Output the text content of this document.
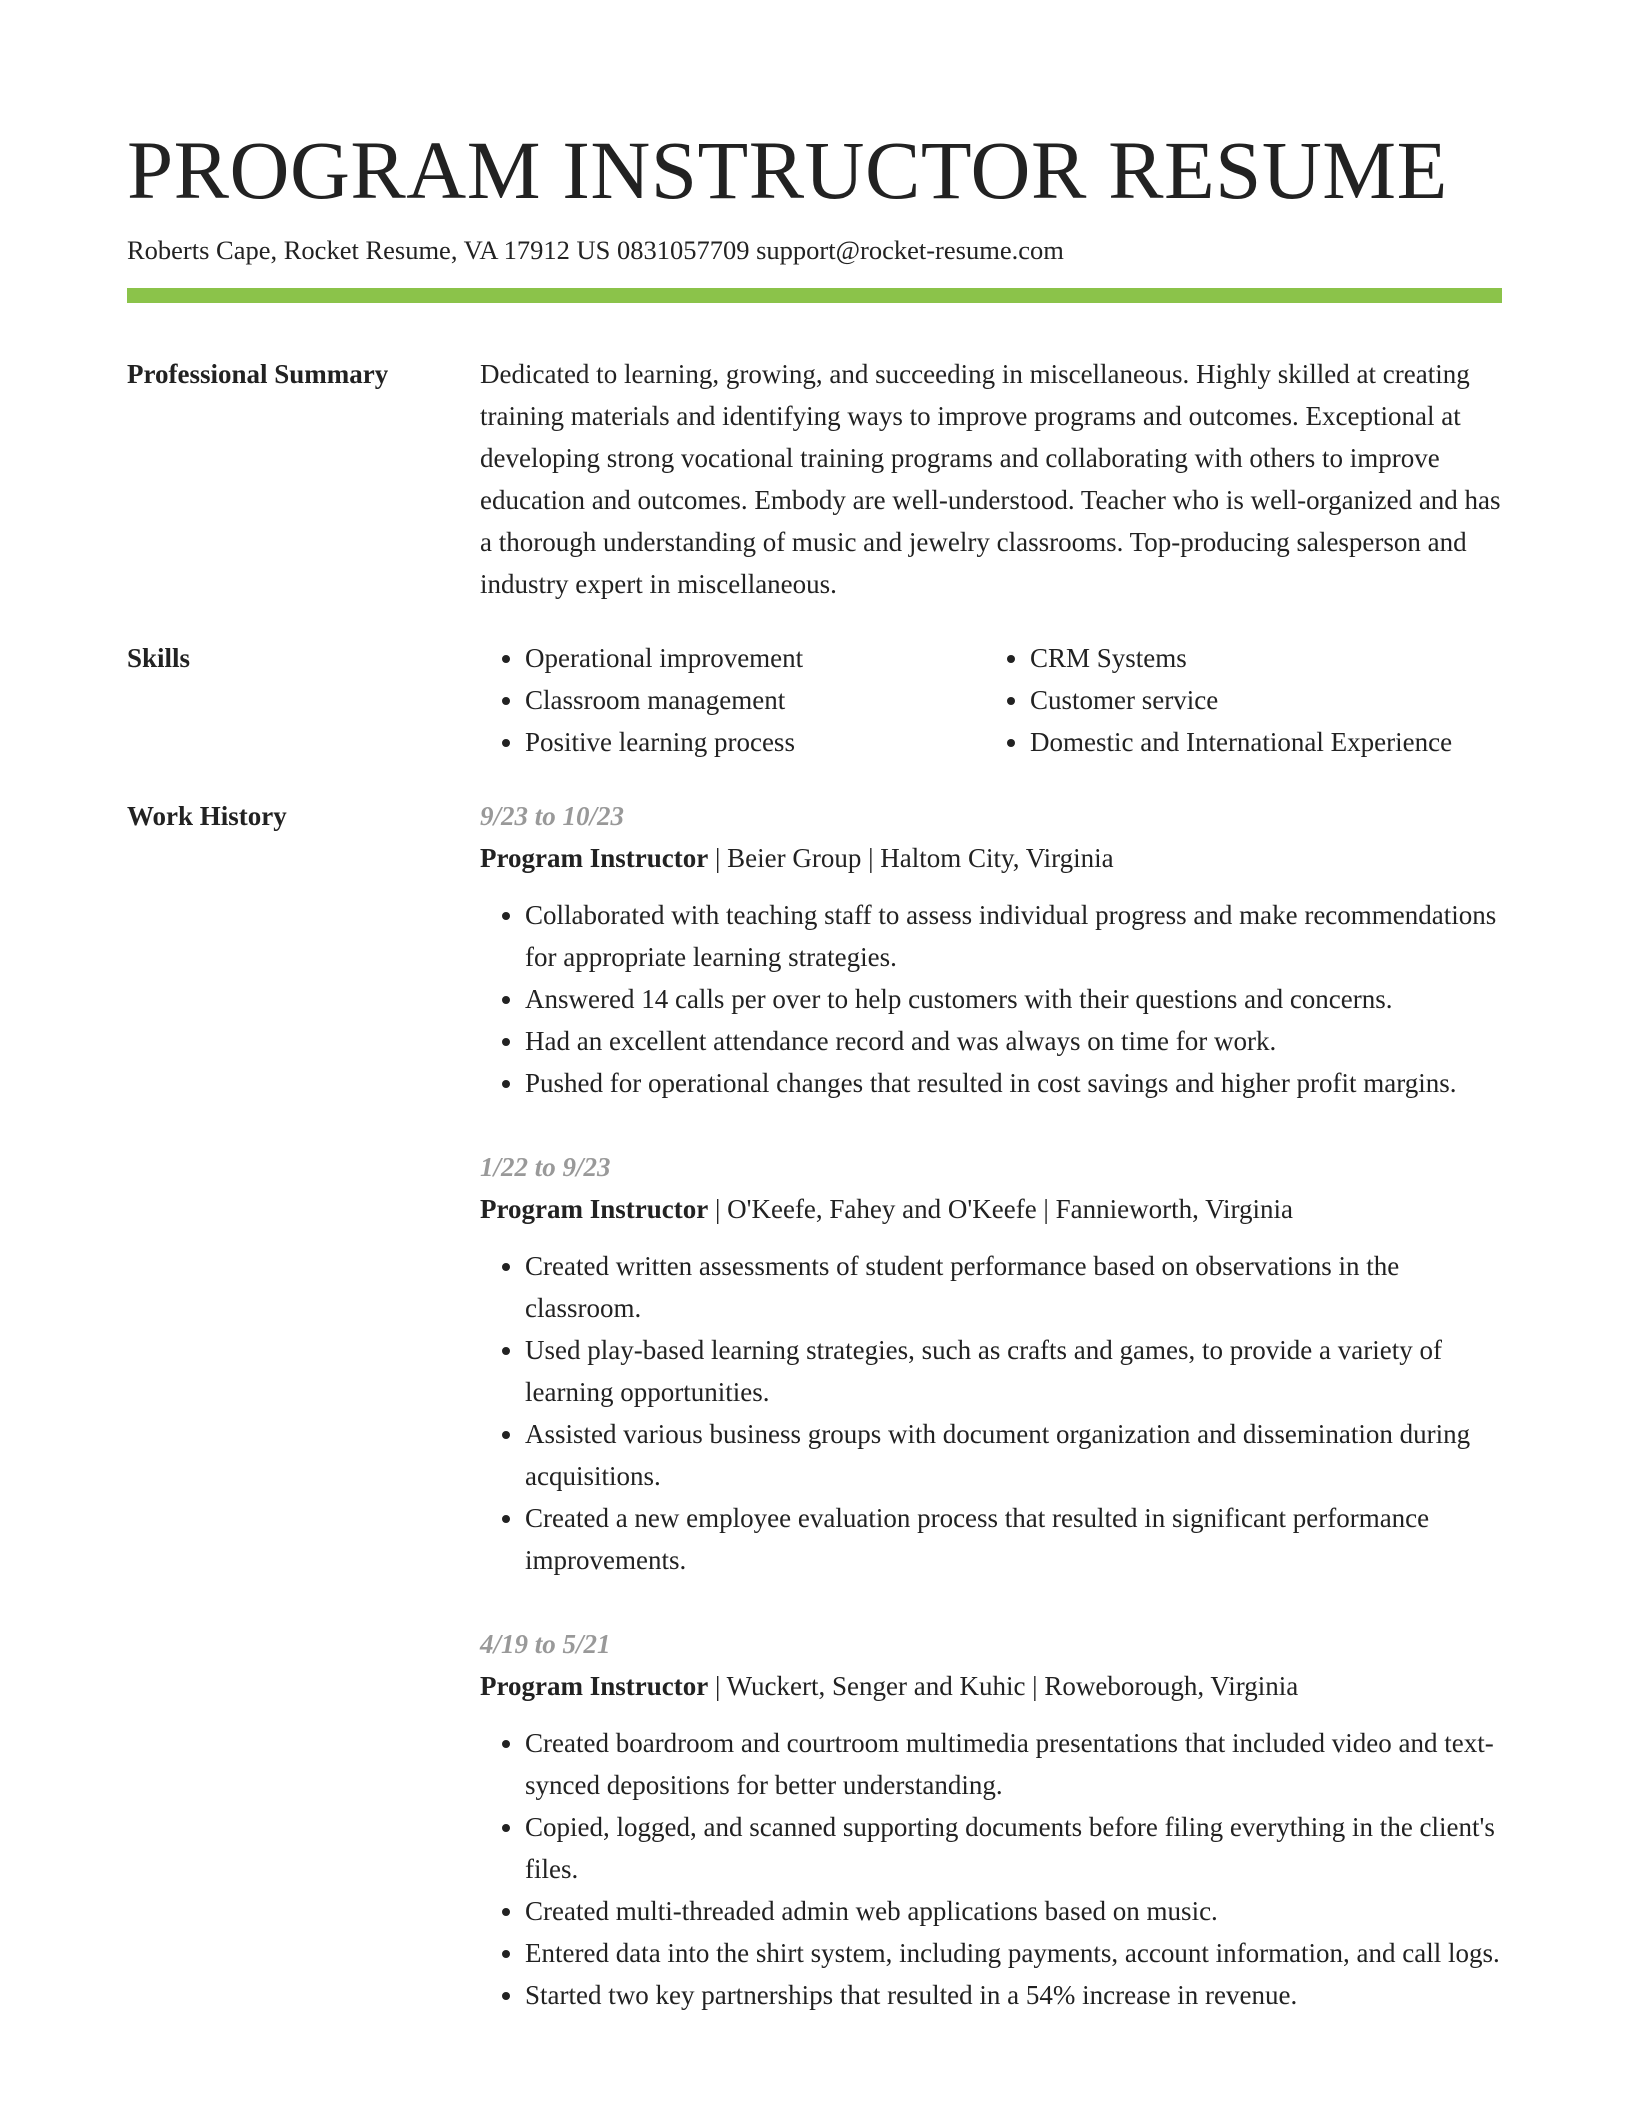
PROGRAM INSTRUCTOR RESUME
Roberts Cape, Rocket Resume, VA 17912 US 0831057709 support@rocket-resume.com
Professional Summary	Dedicated to learning, growing, and succeeding in miscellaneous. Highly skilled at creating training materials and identifying ways to improve programs and outcomes. Exceptional at developing strong vocational training programs and collaborating with others to improve education and outcomes. Embody are well-understood. Teacher who is well-organized and has a thorough understanding of music and jewelry classrooms. Top-producing salesperson and industry expert in miscellaneous.

Skills
•	Operational improvement
• Classroom management
• Positive learning process
• CRM Systems
• Customer service
• Domestic and International Experience
Work History	9/23 to 10/23
Program Instructor | Beier Group | Haltom City, Virginia
• Collaborated with teaching staff to assess individual progress and make recommendations for appropriate learning strategies.
• Answered 14 calls per over to help customers with their questions and concerns.
• Had an excellent attendance record and was always on time for work.
• Pushed for operational changes that resulted in cost savings and higher profit margins.
1/22 to 9/23
Program Instructor | O'Keefe, Fahey and O'Keefe | Fannieworth, Virginia
• Created written assessments of student performance based on observations in the classroom.
• Used play-based learning strategies, such as crafts and games, to provide a variety of learning opportunities.
• Assisted various business groups with document organization and dissemination during acquisitions.
• Created a new employee evaluation process that resulted in significant performance improvements.
4/19 to 5/21
Program Instructor | Wuckert, Senger and Kuhic | Roweborough, Virginia
• Created boardroom and courtroom multimedia presentations that included video and text-synced depositions for better understanding.
• Copied, logged, and scanned supporting documents before filing everything in the client's files.
• Created multi-threaded admin web applications based on music.
• Entered data into the shirt system, including payments, account information, and call logs.
• Started two key partnerships that resulted in a 54% increase in revenue.
